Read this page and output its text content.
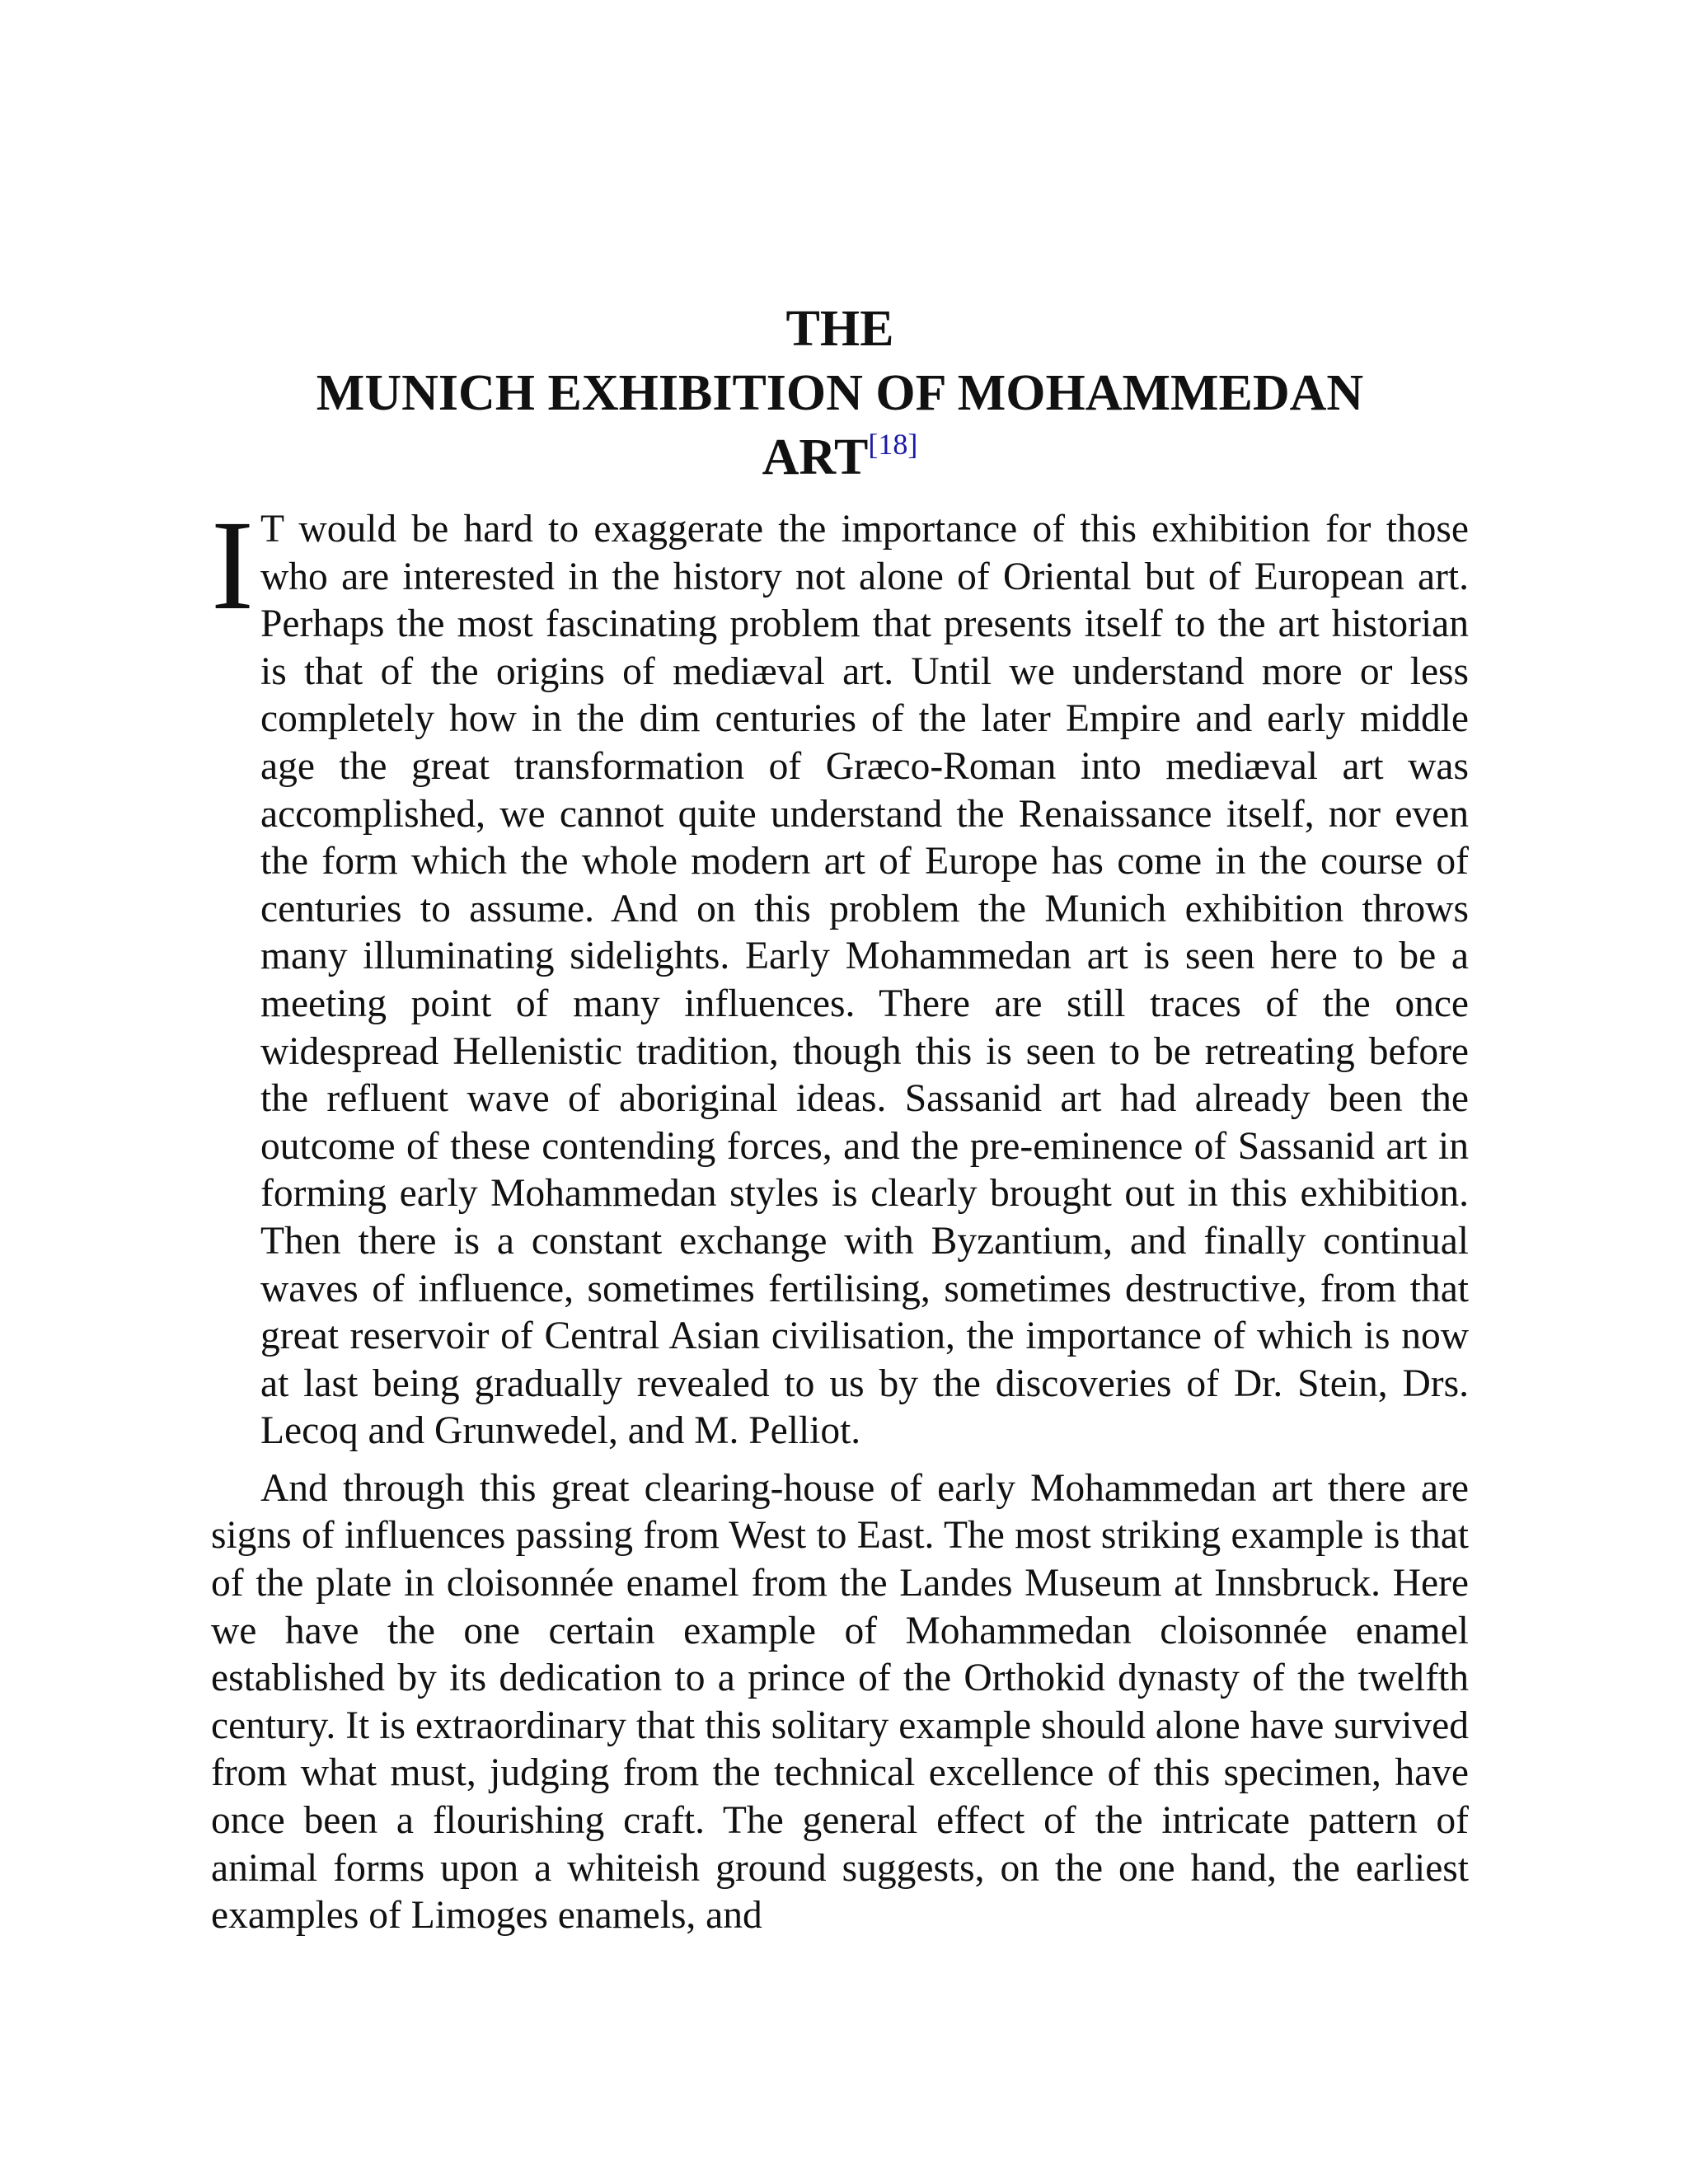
THE
MUNICH EXHIBITION OF MOHAMMEDAN
ART[18]

I T would be hard to exaggerate the importance of this exhibition for those who are interested in the history not alone of Oriental but of European art. Perhaps the most fascinating problem that presents itself to the art historian is that of the origins of mediæval art. Until we understand more or less completely how in the dim centuries of the later Empire and early middle age the great transformation of Græco-Roman into mediæval art was accomplished, we cannot quite understand the Renaissance itself, nor even the form which the whole modern art of Europe has come in the course of centuries to assume. And on this problem the Munich exhibition throws many illuminating sidelights. Early Mohammedan art is seen here to be a meeting point of many influences. There are still traces of the once widespread Hellenistic tradition, though this is seen to be retreating before the refluent wave of aboriginal ideas. Sassanid art had already been the outcome of these contending forces, and the pre-eminence of Sassanid art in forming early Mohammedan styles is clearly brought out in this exhibition. Then there is a constant exchange with Byzantium, and finally continual waves of influence, sometimes fertilising, sometimes destructive, from that great reservoir of Central Asian civilisation, the importance of which is now at last being gradually revealed to us by the discoveries of Dr. Stein, Drs. Lecoq and Grunwedel, and M. Pelliot.

And through this great clearing-house of early Mohammedan art there are signs of influences passing from West to East. The most striking example is that of the plate in cloisonnée enamel from the Landes Museum at Innsbruck. Here we have the one certain example of Mohammedan cloisonnée enamel established by its dedication to a prince of the Orthokid dynasty of the twelfth century. It is extraordinary that this solitary example should alone have survived from what must, judging from the technical excellence of this specimen, have once been a flourishing craft. The general effect of the intricate pattern of animal forms upon a whiteish ground suggests, on the one hand, the earliest examples of Limoges enamels, and
